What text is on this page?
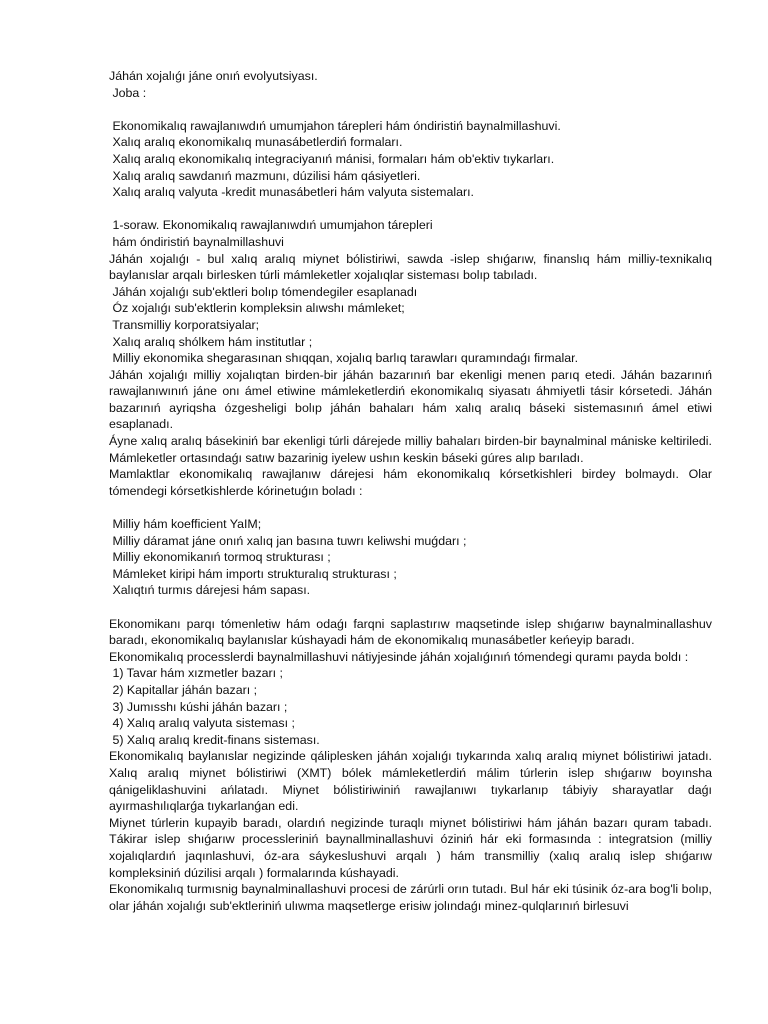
Jáhán xojalıǵı jáne onıń evolyutsiyası.
Joba :
Ekonomikalıq rawajlanıwdıń umumjahon tárepleri hám óndiristiń baynalmillashuvi.
Xalıq aralıq ekonomikalıq munasábetlerdiń formaları.
Xalıq aralıq ekonomikalıq integraciyanıń mánisi, formaları hám ob'ektiv tıykarları.
Xalıq aralıq sawdanıń mazmunı, dúzilisi hám qásiyetleri.
Xalıq aralıq valyuta -kredit munasábetleri hám valyuta sistemaları.
1-soraw. Ekonomikalıq rawajlanıwdıń umumjahon tárepleri
hám óndiristiń baynalmillashuvi
Jáhán xojalıǵı - bul xalıq aralıq miynet bólistiriwi, sawda -islep shıǵarıw, finanslıq hám milliy-texnikalıq baylanıslar arqalı birlesken túrli mámleketler xojalıqlar sisteması bolıp tabıladı.
Jáhán xojalıǵı sub'ektleri bolıp tómendegiler esaplanadı
Óz xojalıǵı sub'ektlerin kompleksin alıwshı mámleket;
Transmilliy korporatsiyalar;
Xalıq aralıq shólkem hám institutlar ;
Milliy ekonomika shegarasınan shıqqan, xojalıq barlıq tarawları quramındaǵı firmalar.
Jáhán xojalıǵı milliy xojalıqtan birden-bir jáhán bazarınıń bar ekenligi menen parıq etedi. Jáhán bazarınıń rawajlanıwınıń jáne onı ámel etiwine mámleketlerdiń ekonomikalıq siyasatı áhmiyetli tásir kórsetedi. Jáhán bazarınıń ayriqsha ózgesheligi bolıp jáhán bahaları hám xalıq aralıq báseki sistemasınıń ámel etiwi esaplanadı.
Áyne xalıq aralıq básekiniń bar ekenligi túrli dárejede milliy bahaları birden-bir baynalminal mániske keltiriledi. Mámleketler ortasındaǵı satıw bazarinig iyelew ushın keskin báseki gúres alıp barıladı.
Mamlaktlar ekonomikalıq rawajlanıw dárejesi hám ekonomikalıq kórsetkishleri birdey bolmaydı. Olar tómendegi kórsetkishlerde kórinetuǵın boladı :
Milliy hám koefficient YaIM;
Milliy dáramat jáne onıń xalıq jan basına tuwrı keliwshi muǵdarı ;
Milliy ekonomikanıń tormoq strukturası ;
Mámleket kiripi hám importı strukturalıq strukturası ;
Xalıqtıń turmıs dárejesi hám sapası.
Ekonomikanı parqı tómenletiw hám odaǵı farqni saplastırıw maqsetinde islep shıǵarıw baynalminallashuv baradı, ekonomikalıq baylanıslar kúshayadi hám de ekonomikalıq munasábetler keńeyip baradı.
Ekonomikalıq processlerdi baynalmillashuvi nátiyjesinde jáhán xojalıǵınıń tómendegi quramı payda boldı :
1) Tavar hám xızmetler bazarı ;
2) Kapitallar jáhán bazarı ;
3) Jumısshı kúshi jáhán bazarı ;
4) Xalıq aralıq valyuta sisteması ;
5) Xalıq aralıq kredit-finans sisteması.
Ekonomikalıq baylanıslar negizinde qáliplesken jáhán xojalıǵı tıykarında xalıq aralıq miynet bólistiriwi jatadı. Xalıq aralıq miynet bólistiriwi (XMT) bólek mámleketlerdiń málim túrlerin islep shıǵarıw boyınsha qánigeliklashuvini ańlatadı. Miynet bólistiriwiniń rawajlanıwı tıykarlanıp tábiyiy sharayatlar daǵı ayırmashılıqlarǵa tıykarlanǵan edi.
Miynet túrlerin kupayib baradı, olardıń negizinde turaqlı miynet bólistiriwi hám jáhán bazarı quram tabadı. Tákirar islep shıǵarıw processleriniń baynallminallashuvi óziniń hár eki formasında : integratsion (milliy xojalıqlardıń jaqınlashuvi, óz-ara sáykeslushuvi arqalı ) hám transmilliy (xalıq aralıq islep shıǵarıw kompleksiniń dúzilisi arqalı ) formalarında kúshayadi.
Ekonomikalıq turmısnig baynalminallashuvi procesi de zárúrli orın tutadı. Bul hár eki túsinik óz-ara bog'li bolıp, olar jáhán xojalıǵı sub'ektleriniń ulıwma maqsetlerge erisiw jolındaǵı minez-qulqlarınıń birlesuvi
